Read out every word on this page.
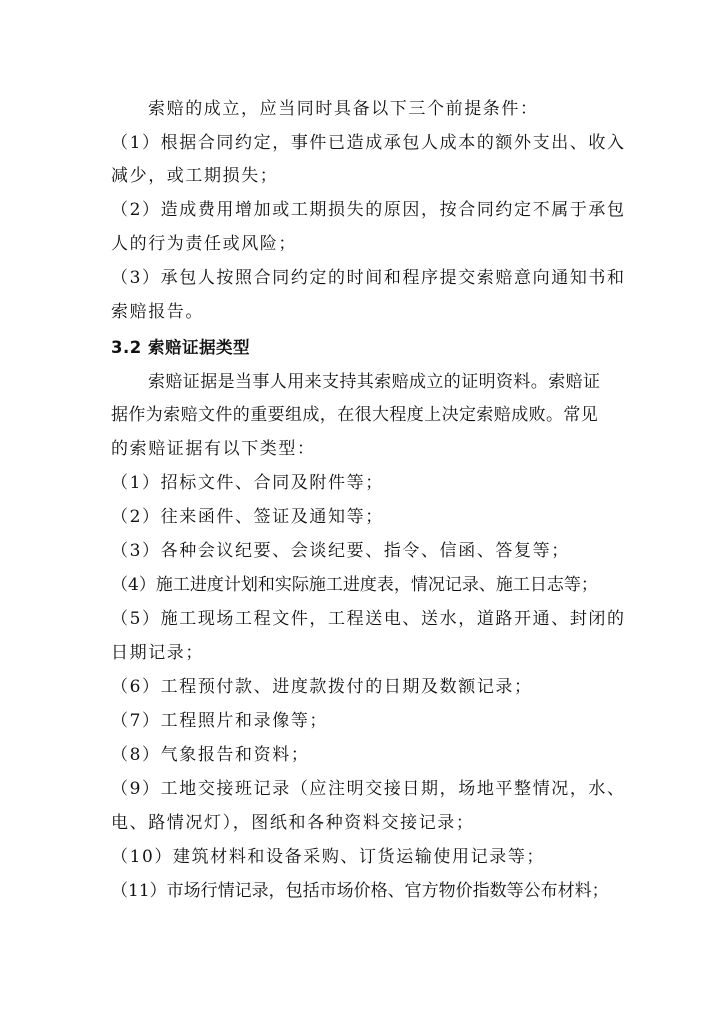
索赔的成立，应当同时具备以下三个前提条件：
（1）根据合同约定，事件已造成承包人成本的额外支出、收入
减少，或工期损失；
（2）造成费用增加或工期损失的原因，按合同约定不属于承包
人的行为责任或风险；
（3）承包人按照合同约定的时间和程序提交索赔意向通知书和
索赔报告。
3.2 索赔证据类型
索赔证据是当事人用来支持其索赔成立的证明资料。索赔证
据作为索赔文件的重要组成，在很大程度上决定索赔成败。常见
的索赔证据有以下类型：
（1）招标文件、合同及附件等；
（2）往来函件、签证及通知等；
（3）各种会议纪要、会谈纪要、指令、信函、答复等；
（4）施工进度计划和实际施工进度表，情况记录、施工日志等；
（5）施工现场工程文件，工程送电、送水，道路开通、封闭的
日期记录；
（6）工程预付款、进度款拨付的日期及数额记录；
（7）工程照片和录像等；
（8）气象报告和资料；
（9）工地交接班记录（应注明交接日期，场地平整情况，水、
电、路情况灯），图纸和各种资料交接记录；
（10）建筑材料和设备采购、订货运输使用记录等；
（11）市场行情记录，包括市场价格、官方物价指数等公布材料；
